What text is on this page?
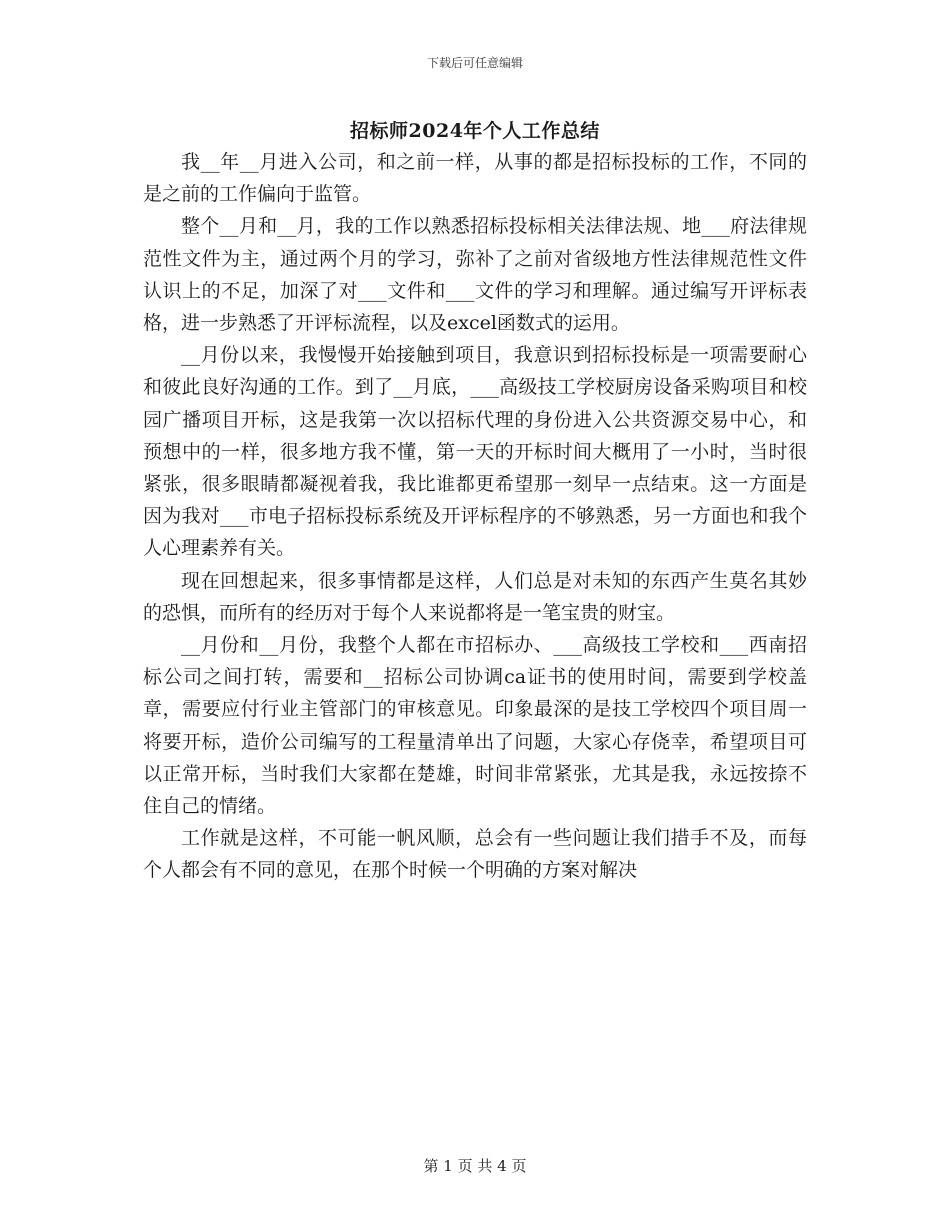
下载后可任意编辑
招标师2024年个人工作总结

我__年__月进入公司，和之前一样，从事的都是招标投标的工作，不同的是之前的工作偏向于监管。

整个__月和__月，我的工作以熟悉招标投标相关法律法规、地___府法律规范性文件为主，通过两个月的学习，弥补了之前对省级地方性法律规范性文件认识上的不足，加深了对___文件和___文件的学习和理解。通过编写开评标表格，进一步熟悉了开评标流程，以及excel函数式的运用。

__月份以来，我慢慢开始接触到项目，我意识到招标投标是一项需要耐心和彼此良好沟通的工作。到了__月底，___高级技工学校厨房设备采购项目和校园广播项目开标，这是我第一次以招标代理的身份进入公共资源交易中心，和预想中的一样，很多地方我不懂，第一天的开标时间大概用了一小时，当时很紧张，很多眼睛都凝视着我，我比谁都更希望那一刻早一点结束。这一方面是因为我对___市电子招标投标系统及开评标程序的不够熟悉，另一方面也和我个人心理素养有关。

现在回想起来，很多事情都是这样，人们总是对未知的东西产生莫名其妙的恐惧，而所有的经历对于每个人来说都将是一笔宝贵的财宝。

__月份和__月份，我整个人都在市招标办、___高级技工学校和___西南招标公司之间打转，需要和__招标公司协调ca证书的使用时间，需要到学校盖章，需要应付行业主管部门的审核意见。印象最深的是技工学校四个项目周一将要开标，造价公司编写的工程量清单出了问题，大家心存侥幸，希望项目可以正常开标，当时我们大家都在楚雄，时间非常紧张，尤其是我，永远按捺不住自己的情绪。

工作就是这样，不可能一帆风顺，总会有一些问题让我们措手不及，而每个人都会有不同的意见，在那个时候一个明确的方案对解决

第 1 页 共 4 页
